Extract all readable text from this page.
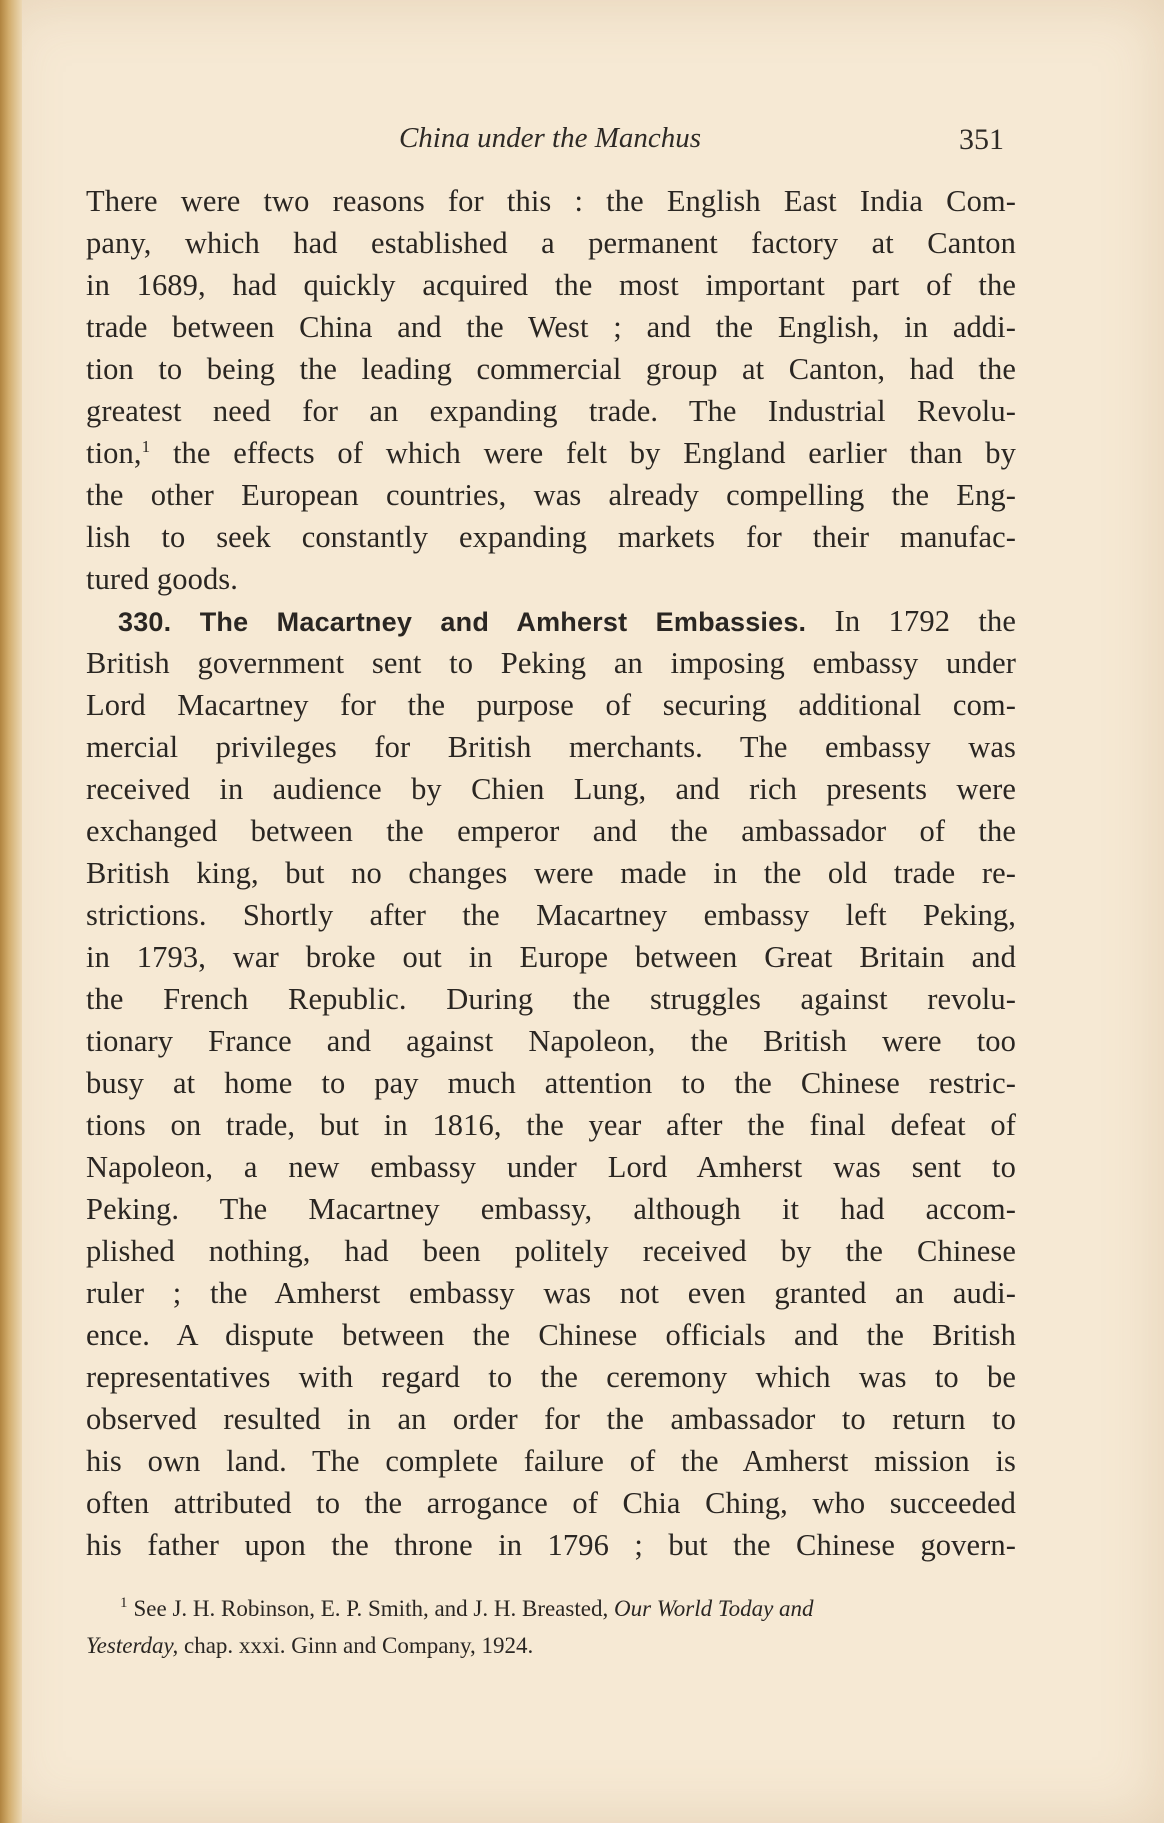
China under the Manchus	351
There were two reasons for this : the English East India Com-
pany, which had established a permanent factory at Canton
in 1689, had quickly acquired the most important part of the
trade between China and the West ; and the English, in addi-
tion to being the leading commercial group at Canton, had the
greatest need for an expanding trade. The Industrial Revolu-
tion,$^1$ the effects of which were felt by England earlier than by
the other European countries, was already compelling the Eng-
lish to seek constantly expanding markets for their manufac-
tured goods.
330. The Macartney and Amherst Embassies. In 1792 the
British government sent to Peking an imposing embassy under
Lord Macartney for the purpose of securing additional com-
mercial privileges for British merchants. The embassy was
received in audience by Chien Lung, and rich presents were
exchanged between the emperor and the ambassador of the
British king, but no changes were made in the old trade re-
strictions. Shortly after the Macartney embassy left Peking,
in 1793, war broke out in Europe between Great Britain and
the French Republic. During the struggles against revolu-
tionary France and against Napoleon, the British were too
busy at home to pay much attention to the Chinese restric-
tions on trade, but in 1816, the year after the final defeat of
Napoleon, a new embassy under Lord Amherst was sent to
Peking. The Macartney embassy, although it had accom-
plished nothing, had been politely received by the Chinese
ruler ; the Amherst embassy was not even granted an audi-
ence. A dispute between the Chinese officials and the British
representatives with regard to the ceremony which was to be
observed resulted in an order for the ambassador to return to
his own land. The complete failure of the Amherst mission is
often attributed to the arrogance of Chia Ching, who succeeded
his father upon the throne in 1796 ; but the Chinese govern-
$^1$ See J. H. Robinson, E. P. Smith, and J. H. Breasted, Our World Today and
Yesterday, chap. xxxi. Ginn and Company, 1924.
